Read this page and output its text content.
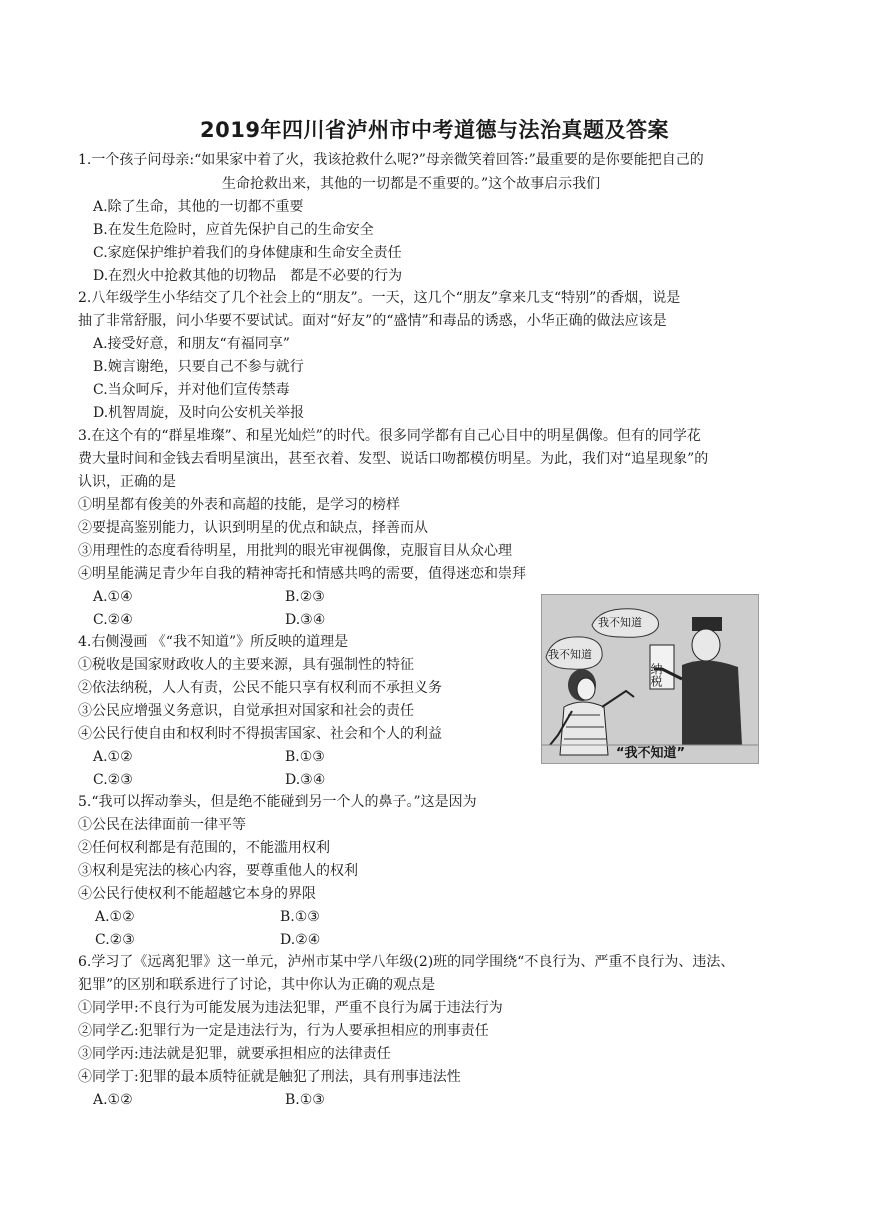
2019年四川省泸州市中考道德与法治真题及答案
1.一个孩子问母亲:“如果家中着了火，我该抢救什么呢?”母亲微笑着回答:”最重要的是你要能把自己的
生命抢救出来，其他的一切都是不重要的。”这个故事启示我们
A.除了生命，其他的一切都不重要
B.在发生危险时，应首先保护自己的生命安全
C.家庭保护维护着我们的身体健康和生命安全责任
D.在烈火中抢救其他的切物品　都是不必要的行为
2.八年级学生小华结交了几个社会上的“朋友”。一天，这几个“朋友”拿来几支“特别”的香烟，说是
抽了非常舒服，问小华要不要试试。面对“好友”的“盛情”和毒品的诱惑，小华正确的做法应该是
A.接受好意，和朋友“有福同享”
B.婉言谢绝，只要自己不参与就行
C.当众呵斥，并对他们宣传禁毒
D.机智周旋，及时向公安机关举报
3.在这个有的“群星堆璨”、和星光灿烂”的时代。很多同学都有自己心目中的明星偶像。但有的同学花
费大量时间和金钱去看明星演出，甚至衣着、发型、说话口吻都模仿明星。为此，我们对“追星现象”的
认识，正确的是
①明星都有俊美的外表和高超的技能，是学习的榜样
②要提高鉴别能力，认识到明星的优点和缺点，择善而从
③用理性的态度看待明星，用批判的眼光审视偶像，克服盲目从众心理
④明星能满足青少年自我的精神寄托和情感共鸣的需要，值得迷恋和崇拜
A.①④	B.②③
C.②④	D.③④
我不知道
我不知道
纳税
“我不知道”
4.右侧漫画 《“我不知道”》所反映的道理是
①税收是国家财政收人的主要来源，具有强制性的特征
②依法纳税，人人有责，公民不能只享有权利而不承担义务
③公民应增强义务意识，自觉承担对国家和社会的责任
④公民行使自由和权利时不得损害国家、社会和个人的利益
A.①②	B.①③
C.②③	D.③④
5.“我可以挥动拳头，但是绝不能碰到另一个人的鼻子。”这是因为
①公民在法律面前一律平等
②任何权利都是有范围的，不能滥用权利
③权利是宪法的核心内容，要尊重他人的权利
④公民行使权利不能超越它本身的界限
A.①②	B.①③
C.②③	D.②④
6.学习了《远离犯罪》这一单元，泸州市某中学八年级(2)班的同学围绕“不良行为、严重不良行为、违法、
犯罪”的区别和联系进行了讨论，其中你认为正确的观点是
①同学甲:不良行为可能发展为违法犯罪，严重不良行为属于违法行为
②同学乙:犯罪行为一定是违法行为，行为人要承担相应的刑事责任
③同学丙:违法就是犯罪，就要承担相应的法律责任
④同学丁:犯罪的最本质特征就是触犯了刑法，具有刑事违法性
A.①②	B.①③
